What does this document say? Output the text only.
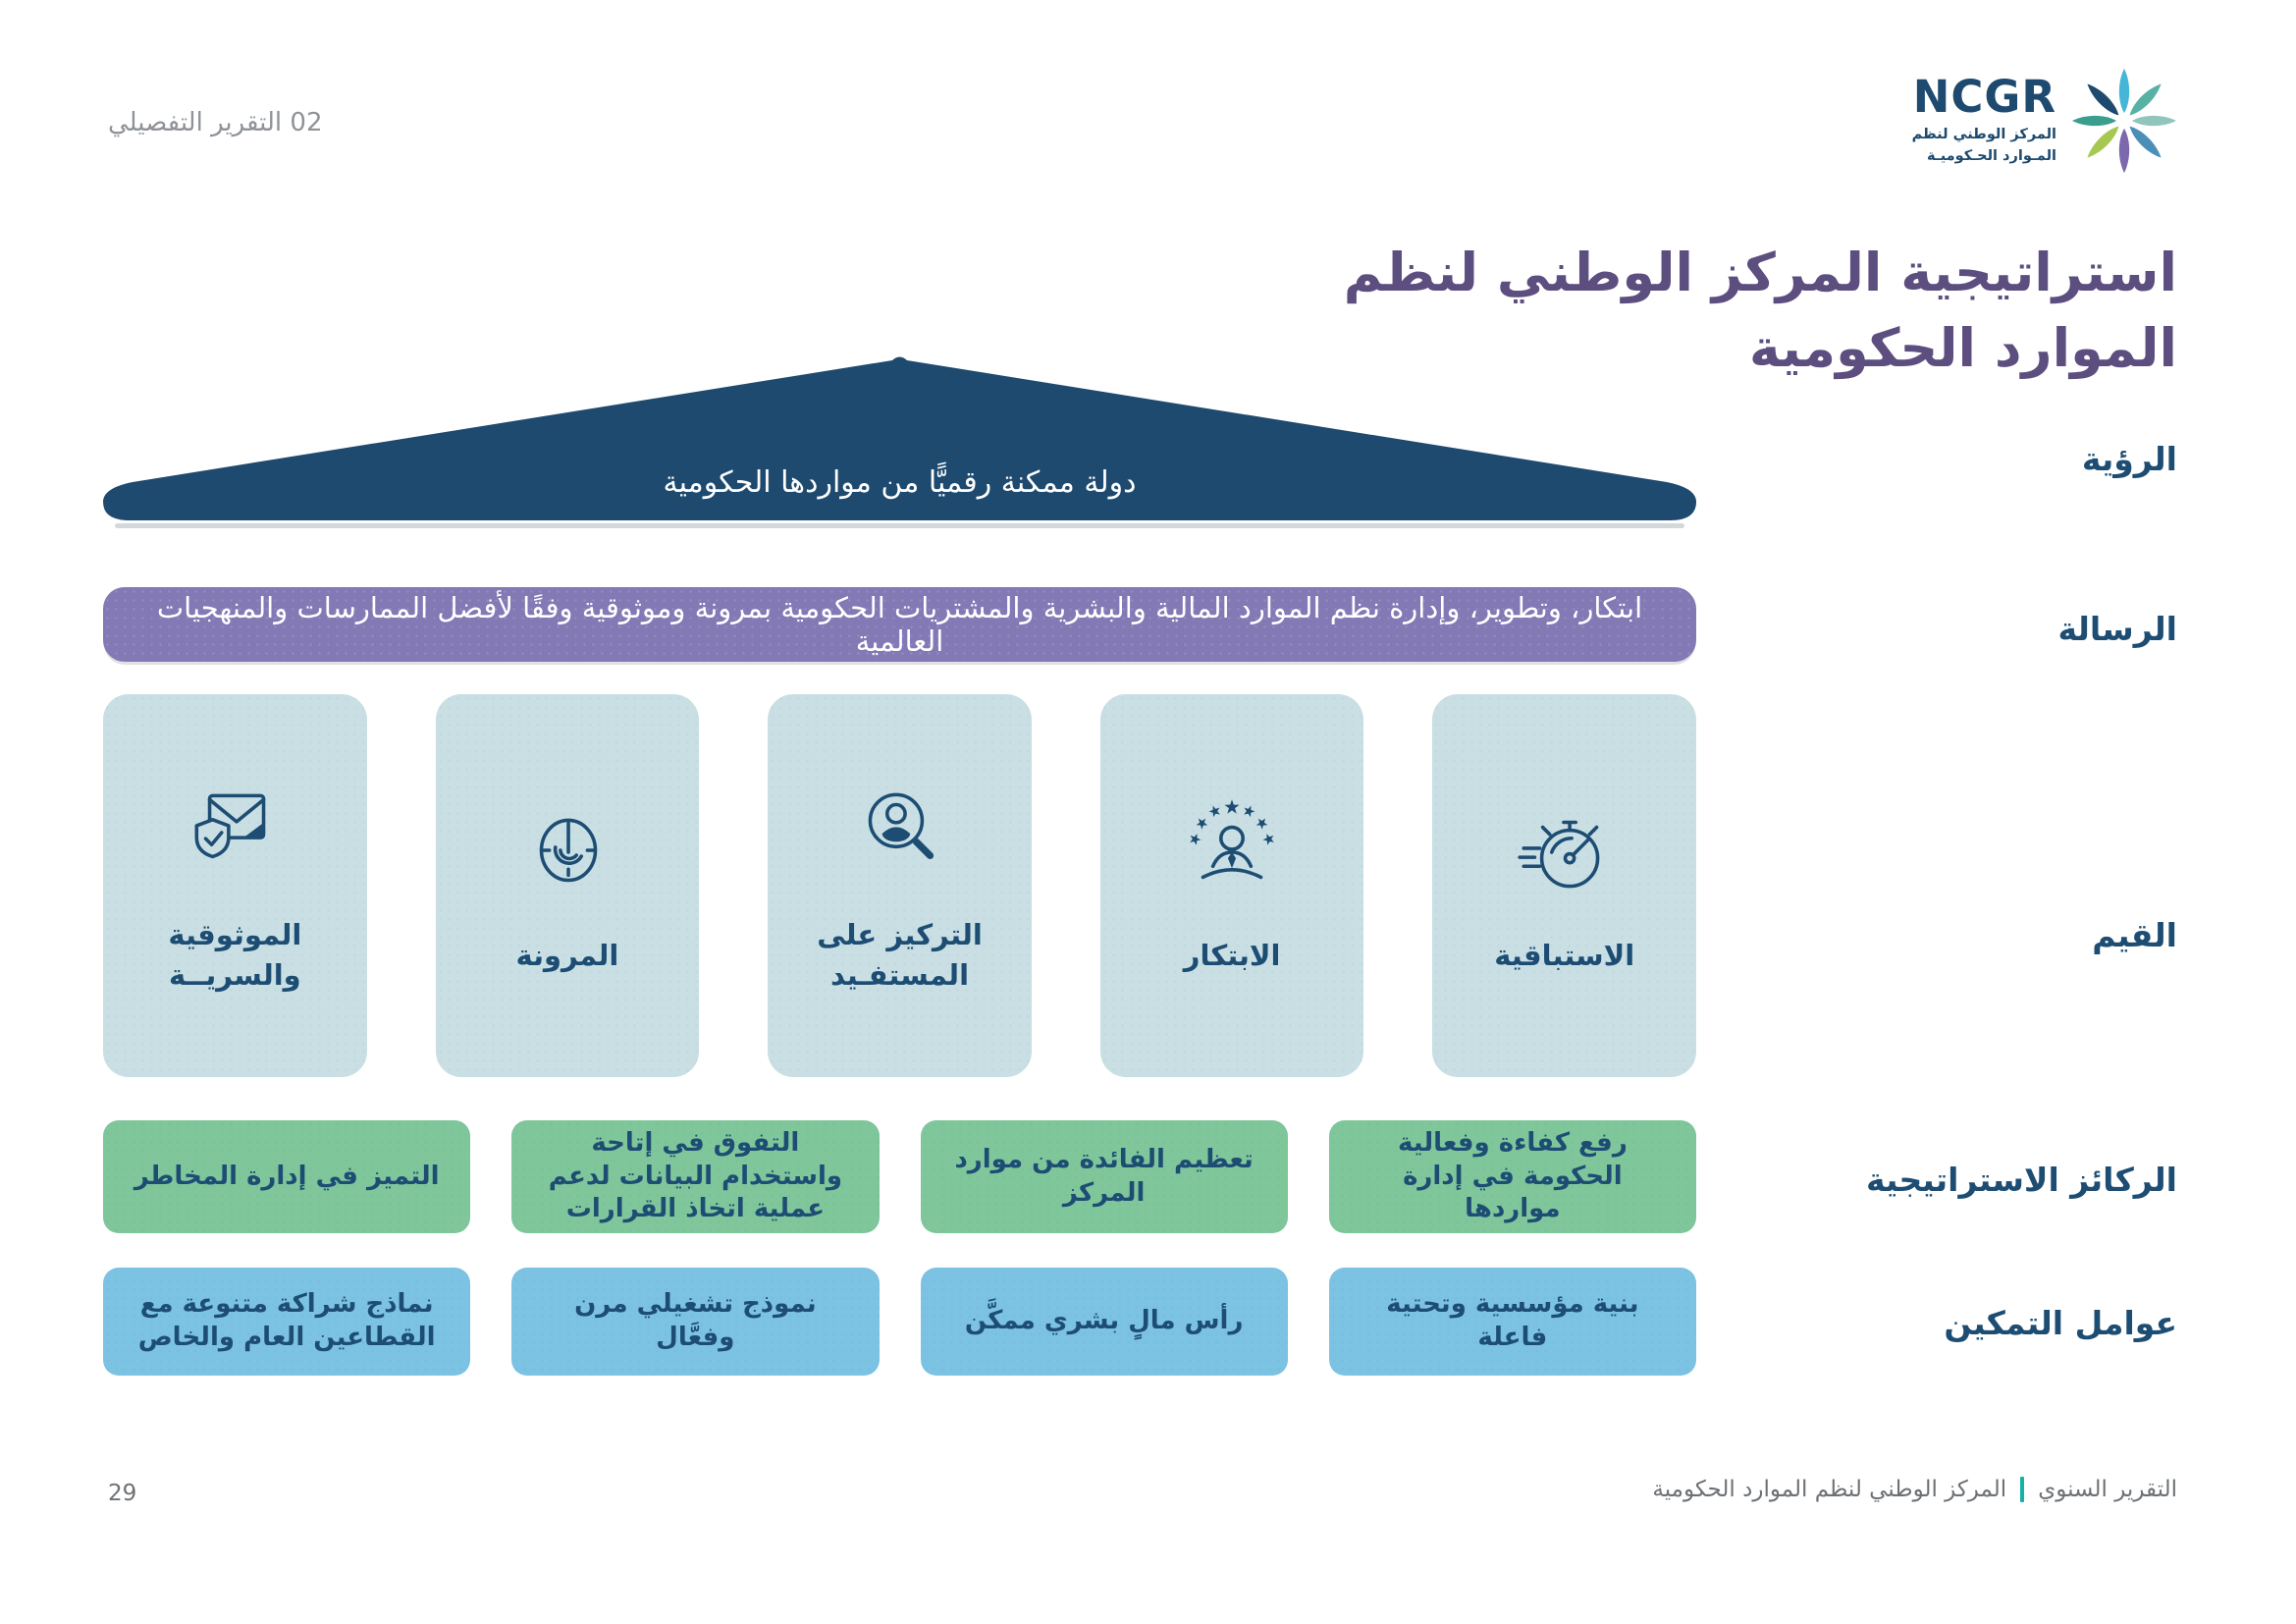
02 التقرير التفصيلي	NCGR
المركز الوطني لنظم
المـوارد الحـكوميـة
استراتيجية المركز الوطني لنظم
الموارد الحكومية
الرؤية
الرسالة
القيم
الركائز الاستراتيجية
عوامل التمكين
دولة ممكنة رقميًّا من مواردها الحكومية
ابتكار، وتطوير، وإدارة نظم الموارد المالية والبشرية والمشتريات الحكومية بمرونة وموثوقية وفقًا لأفضل الممارسات والمنهجيات العالمية
الاستباقية
الابتكار
التركيز على المستفـيد
المرونة
الموثوقية والسريــة
رفع كفاءة وفعالية الحكومة في إدارة مواردها
تعظيم الفائدة من موارد المركز
التفوق في إتاحة واستخدام البيانات لدعم عملية اتخاذ القرارات
التميز في إدارة المخاطر
بنية مؤسسية وتحتية فاعلة
رأس مالٍ بشري ممكَّن
نموذج تشغيلي مرن وفعَّال
نماذج شراكة متنوعة مع القطاعين العام والخاص
التقرير السنوي
المركز الوطني لنظم الموارد الحكومية
29
